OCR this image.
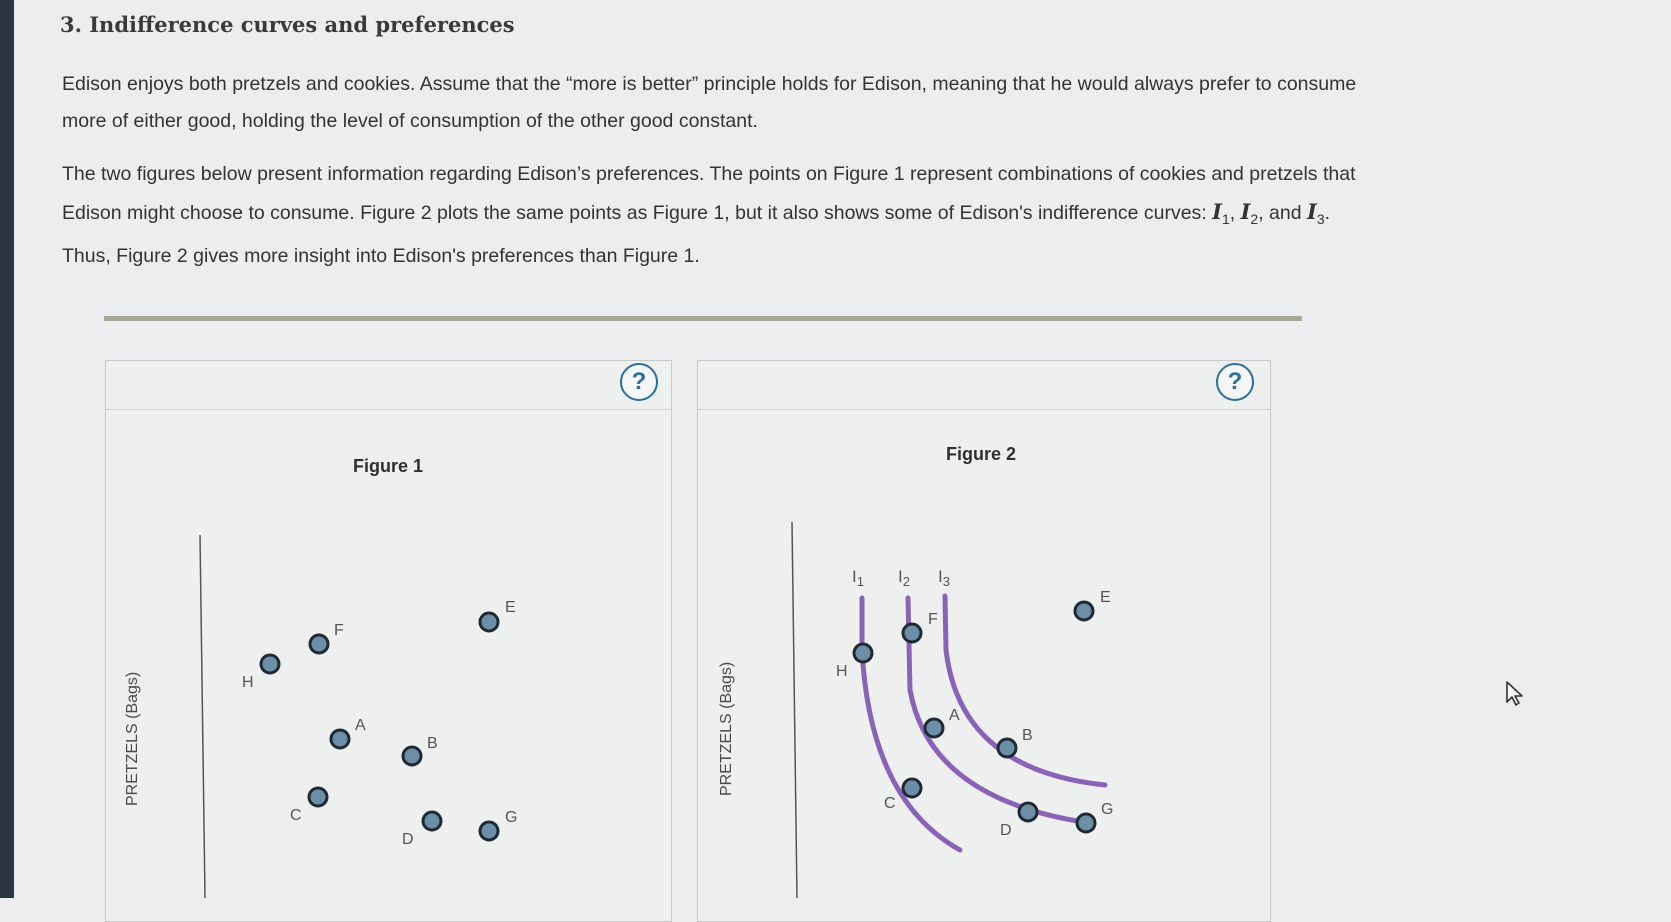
3. Indifference curves and preferences
Edison enjoys both pretzels and cookies. Assume that the “more is better” principle holds for Edison, meaning that he would always prefer to consume
more of either good, holding the level of consumption of the other good constant.
The two figures below present information regarding Edison’s preferences. The points on Figure 1 represent combinations of cookies and pretzels that
Edison might choose to consume. Figure 2 plots the same points as Figure 1, but it also shows some of Edison's indifference curves: $I_1$, $I_2$, and $I_3$.
Thus, Figure 2 gives more insight into Edison's preferences than Figure 1.
?
Figure 1
PRETZELS (Bags)
?
Figure 2
PRETZELS (Bags)
H
F
E
A
B
C
D
G
$I_1$ $I_2$ $I_3$
H
F
E
A
B
C
D
G
